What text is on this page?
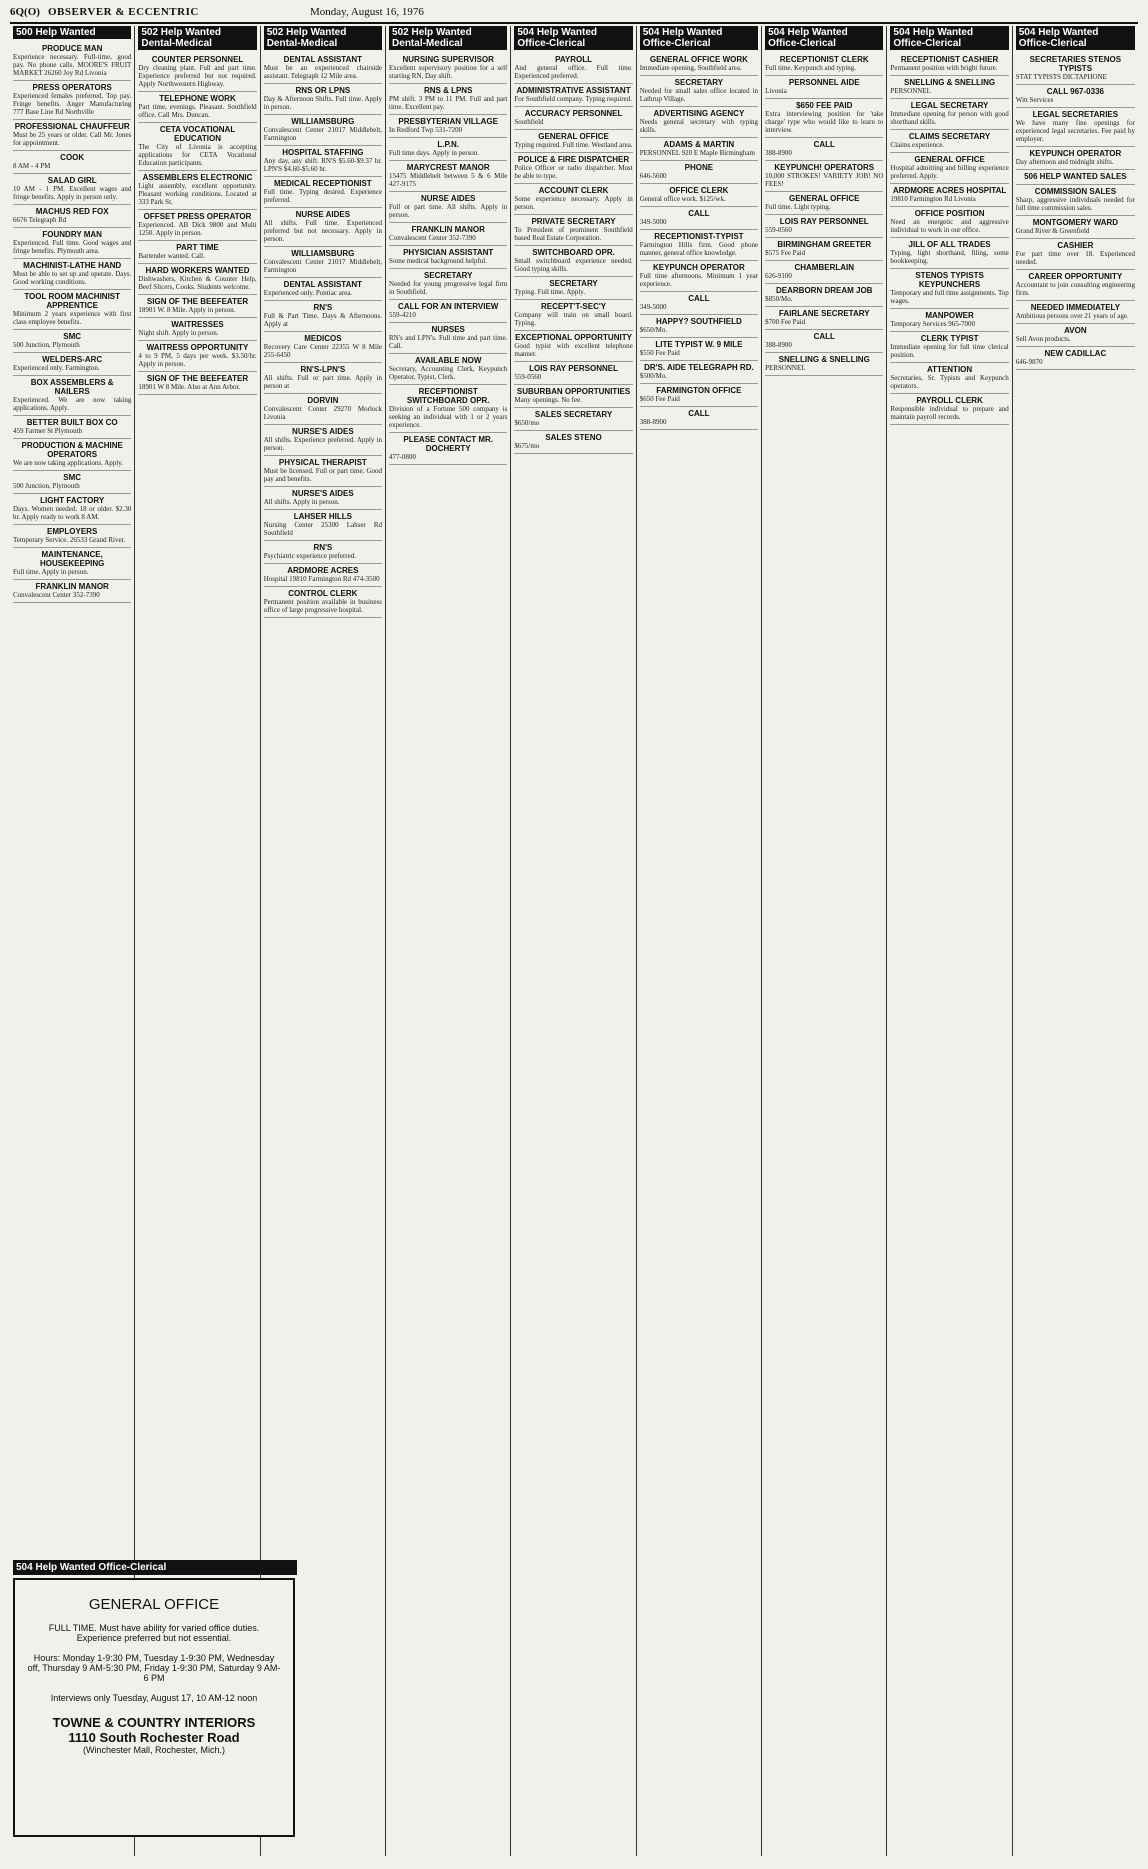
6Q(O) OBSERVER & ECCENTRIC	Monday, August 16, 1976
500 Help Wanted
PRODUCE MAN
Experience necessary. Full-time, good pay. No phone calls. MOORE'S FRUIT MARKET 26260 Joy Rd Livonia
PRESS OPERATORS
Experienced females preferred. Top pay. Fringe benefits. Anger Manufacturing 777 Base Line Rd Northville
PROFESSIONAL CHAUFFEUR
Must be 25 years or older. Call Mr. Jones for appointment.
COOK
8 AM - 4 PM
SALAD GIRL
10 AM - 1 PM. Excellent wages and fringe benefits. Apply in person only.
MACHUS RED FOX
6676 Telegraph Rd
FOUNDRY MAN
Experienced. Full time. Good wages and fringe benefits. Plymouth area.
MACHINIST-LATHE HAND
Must be able to set up and operate. Days. Good working conditions.
TOOL ROOM MACHINIST APPRENTICE
Minimum 2 years experience with first class employee benefits.
SMC
500 Junction, Plymouth
WELDERS-ARC
Experienced only. Farmington.
BOX ASSEMBLERS & NAILERS
Experienced. We are now taking applications. Apply.
BETTER BUILT BOX CO
459 Farmer St Plymouth
PRODUCTION & MACHINE OPERATORS
We are now taking applications. Apply.
SMC
500 Junction, Plymouth
LIGHT FACTORY
Days. Women needed. 18 or older. $2.30 hr. Apply ready to work 8 AM.
EMPLOYERS
Temporary Service. 26533 Grand River.
MAINTENANCE, HOUSEKEEPING
Full time. Apply in person.
FRANKLIN MANOR
Convalescent Center 352-7390
502 Help Wanted Dental-Medical
COUNTER PERSONNEL
Dry cleaning plant. Full and part time. Experience preferred but not required. Apply Northwestern Highway.
TELEPHONE WORK
Part time, evenings. Pleasant. Southfield office. Call Mrs. Duncan.
CETA VOCATIONAL EDUCATION
The City of Livonia is accepting applications for CETA Vocational Education participants.
ASSEMBLERS ELECTRONIC
Light assembly, excellent opportunity. Pleasant working conditions. Located at 333 Park St.
OFFSET PRESS OPERATOR
Experienced. AB Dick 9800 and Multi 1250. Apply in person.
PART TIME
Bartender wanted. Call.
HARD WORKERS WANTED
Dishwashers, Kitchen & Counter Help, Beef Slicers, Cooks. Students welcome.
SIGN OF THE BEEFEATER
18901 W. 8 Mile. Apply in person.
WAITRESSES
Night shift. Apply in person.
WAITRESS OPPORTUNITY
4 to 9 PM, 5 days per week. $3.50/hr. Apply in person.
SIGN OF THE BEEFEATER
18901 W 8 Mile. Also at Ann Arbor.
502 Help Wanted Dental-Medical
DENTAL ASSISTANT
Must be an experienced chairside assistant. Telegraph 12 Mile area.
RNS OR LPNS
Day & Afternoon Shifts. Full time. Apply in person.
WILLIAMSBURG
Convalescent Center 21017 Middlebelt, Farmington
HOSPITAL STAFFING
Any day, any shift. RN'S $5.60-$9.37 hr. LPN'S $4.60-$5.60 hr.
MEDICAL RECEPTIONIST
Full time. Typing desired. Experience preferred.
NURSE AIDES
All shifts. Full time. Experienced preferred but not necessary. Apply in person.
WILLIAMSBURG
Convalescent Center 21017 Middlebelt, Farmington
DENTAL ASSISTANT
Experienced only. Pontiac area.
RN'S
Full & Part Time. Days & Afternoons. Apply at
MEDICOS
Recovery Care Center 22355 W 8 Mile 255-6450
RN'S-LPN'S
All shifts. Full or part time. Apply in person at
DORVIN
Convalescent Center 29270 Morlock Livonia
NURSE'S AIDES
All shifts. Experience preferred. Apply in person.
PHYSICAL THERAPIST
Must be licensed. Full or part time. Good pay and benefits.
NURSE'S AIDES
All shifts. Apply in person.
LAHSER HILLS
Nursing Center 25300 Lahser Rd Southfield
RN'S
Psychiatric experience preferred.
ARDMORE ACRES
Hospital 19810 Farmington Rd 474-3500
CONTROL CLERK
Permanent position available in business office of large progressive hospital.
502 Help Wanted Dental-Medical
NURSING SUPERVISOR
Excellent supervisory position for a self starting RN. Day shift.
RNS & LPNS
PM shift. 3 PM to 11 PM. Full and part time. Excellent pay.
PRESBYTERIAN VILLAGE
In Redford Twp 531-7200
L.P.N.
Full time days. Apply in person.
MARYCREST MANOR
15475 Middlebelt between 5 & 6 Mile 427-9175
NURSE AIDES
Full or part time. All shifts. Apply in person.
FRANKLIN MANOR
Convalescent Center 352-7390
PHYSICIAN ASSISTANT
Some medical background helpful.
SECRETARY
Needed for young progressive legal firm in Southfield.
CALL FOR AN INTERVIEW
559-4210
NURSES
RN's and LPN's. Full time and part time. Call.
AVAILABLE NOW
Secretary, Accounting Clerk, Keypunch Operator, Typist, Clerk.
RECEPTIONIST SWITCHBOARD OPR.
Division of a Fortune 500 company is seeking an individual with 1 or 2 years experience.
PLEASE CONTACT MR. DOCHERTY
477-0800
504 Help Wanted Office-Clerical
PAYROLL
And general office. Full time. Experienced preferred.
ADMINISTRATIVE ASSISTANT
For Southfield company. Typing required.
ACCURACY PERSONNEL
Southfield
GENERAL OFFICE
Typing required. Full time. Westland area.
POLICE & FIRE DISPATCHER
Police Officer or radio dispatcher. Must be able to type.
ACCOUNT CLERK
Some experience necessary. Apply in person.
PRIVATE SECRETARY
To President of prominent Southfield based Real Estate Corporation.
SWITCHBOARD OPR.
Small switchboard experience needed. Good typing skills.
SECRETARY
Typing. Full time. Apply.
RECEPT'T-SEC'Y
Company will train on small board. Typing.
EXCEPTIONAL OPPORTUNITY
Good typist with excellent telephone manner.
LOIS RAY PERSONNEL
559-0560
SUBURBAN OPPORTUNITIES
Many openings. No fee.
SALES SECRETARY
$650/mo
SALES STENO
$675/mo
504 Help Wanted Office-Clerical
GENERAL OFFICE WORK
Immediate opening, Southfield area.
SECRETARY
Needed for small sales office located in Lathrup Village.
ADVERTISING AGENCY
Needs general secretary with typing skills.
ADAMS & MARTIN
PERSONNEL 920 E Maple Birmingham
PHONE
646-5600
OFFICE CLERK
General office work. $125/wk.
CALL
349-5000
RECEPTIONIST-TYPIST
Farmington Hills firm. Good phone manner, general office knowledge.
KEYPUNCH OPERATOR
Full time afternoons. Minimum 1 year experience.
CALL
349-5000
HAPPY? SOUTHFIELD
$650/Mo.
LITE TYPIST W. 9 MILE
$550 Fee Paid
DR'S. AIDE TELEGRAPH RD.
$500/Mo.
FARMINGTON OFFICE
$650 Fee Paid
CALL
388-8900
504 Help Wanted Office-Clerical
RECEPTIONIST CLERK
Full time. Keypunch and typing.
PERSONNEL AIDE
Livonia
$650 FEE PAID
Extra interviewing position for 'take charge' type who would like to learn to interview.
CALL
388-8900
KEYPUNCH! OPERATORS
10,000 STROKES! VARIETY JOB! NO FEES!
GENERAL OFFICE
Full time. Light typing.
LOIS RAY PERSONNEL
559-0560
BIRMINGHAM GREETER
$575 Fee Paid
CHAMBERLAIN
626-9100
DEARBORN DREAM JOB
$850/Mo.
FAIRLANE SECRETARY
$700 Fee Paid
CALL
388-8900
SNELLING & SNELLING
PERSONNEL
504 Help Wanted Office-Clerical
RECEPTIONIST CASHIER
Permanent position with bright future.
SNELLING & SNELLING
PERSONNEL
LEGAL SECRETARY
Immediate opening for person with good shorthand skills.
CLAIMS SECRETARY
Claims experience.
GENERAL OFFICE
Hospital admitting and billing experience preferred. Apply.
ARDMORE ACRES HOSPITAL
19810 Farmington Rd Livonia
OFFICE POSITION
Need an energetic and aggressive individual to work in our office.
JILL OF ALL TRADES
Typing, light shorthand, filing, some bookkeeping.
STENOS TYPISTS KEYPUNCHERS
Temporary and full time assignments. Top wages.
MANPOWER
Temporary Services 965-7000
CLERK TYPIST
Immediate opening for full time clerical position.
ATTENTION
Secretaries, Sr. Typists and Keypunch operators.
PAYROLL CLERK
Responsible individual to prepare and maintain payroll records.
504 Help Wanted Office-Clerical
SECRETARIES STENOS TYPISTS
STAT TYPISTS DICTAPHONE
CALL 967-0336
Witt Services
LEGAL SECRETARIES
We have many fine openings for experienced legal secretaries. Fee paid by employer.
KEYPUNCH OPERATOR
Day afternoon and midnight shifts.
506 HELP WANTED SALES
COMMISSION SALES
Sharp, aggressive individuals needed for full time commission sales.
MONTGOMERY WARD
Grand River & Greenfield
CASHIER
For part time over 18. Experienced needed.
CAREER OPPORTUNITY
Accountant to join consulting engineering firm.
NEEDED IMMEDIATELY
Ambitious persons over 21 years of age.
AVON
Sell Avon products.
NEW CADILLAC
646-9870
504 Help Wanted Office-Clerical
GENERAL OFFICE
FULL TIME. Must have ability for varied office duties. Experience preferred but not essential.
Hours: Monday 1-9:30 PM, Tuesday 1-9:30 PM, Wednesday off, Thursday 9 AM-5:30 PM, Friday 1-9:30 PM, Saturday 9 AM-6 PM
Interviews only Tuesday, August 17, 10 AM-12 noon
TOWNE & COUNTRY INTERIORS
1110 South Rochester Road
(Winchester Mall, Rochester, Mich.)
